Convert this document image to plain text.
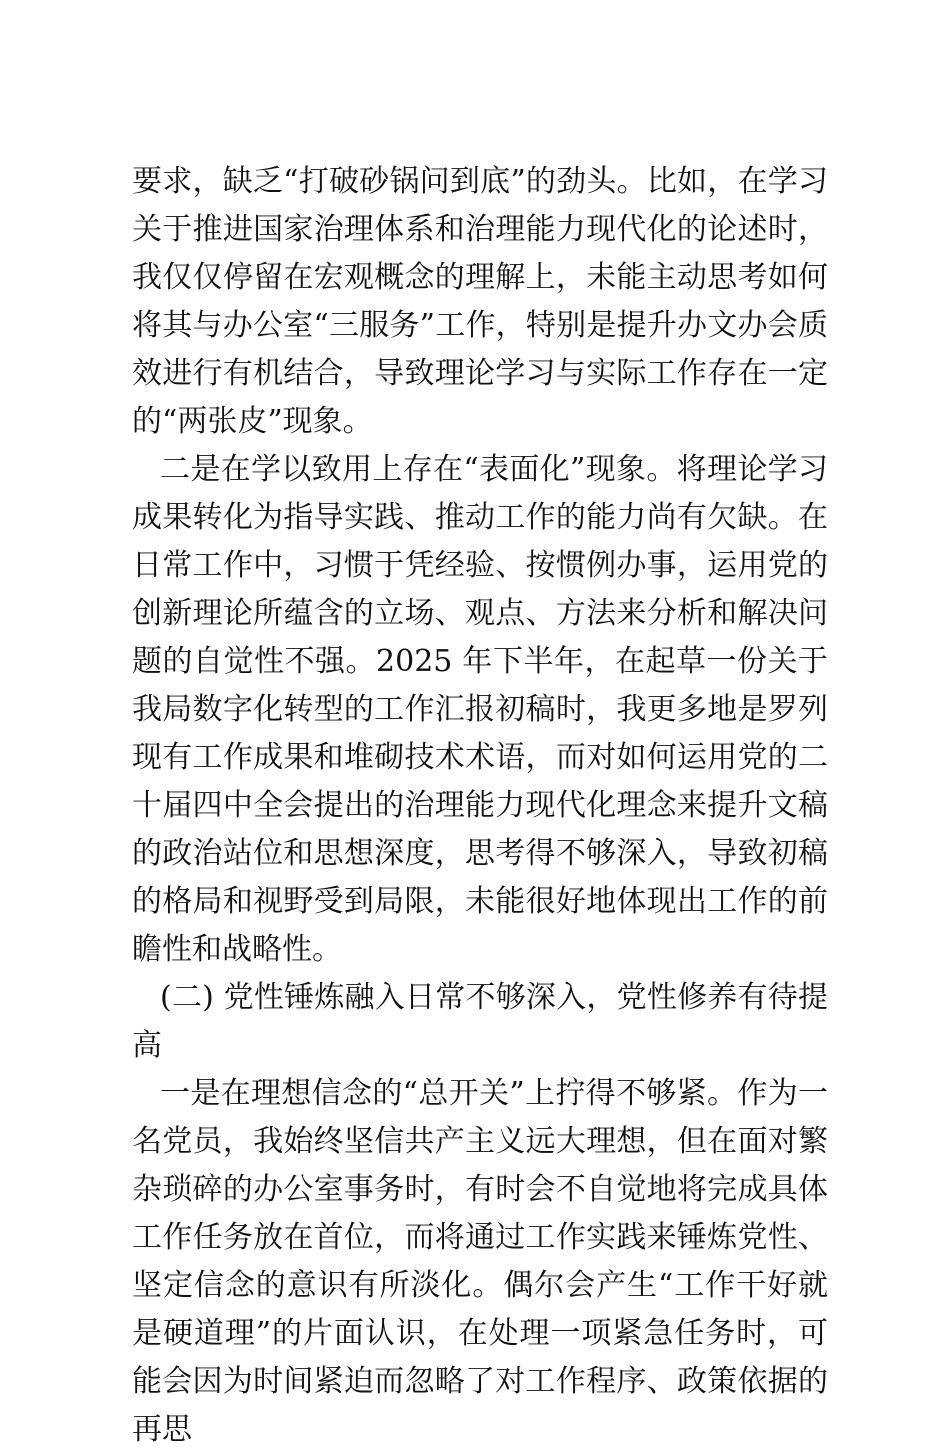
要求，缺乏“打破砂锅问到底”的劲头。比如，在学习关于推进国家治理体系和治理能力现代化的论述时，我仅仅停留在宏观概念的理解上，未能主动思考如何将其与办公室“三服务”工作，特别是提升办文办会质效进行有机结合，导致理论学习与实际工作存在一定的“两张皮”现象。

二是在学以致用上存在“表面化”现象。将理论学习成果转化为指导实践、推动工作的能力尚有欠缺。在日常工作中，习惯于凭经验、按惯例办事，运用党的创新理论所蕴含的立场、观点、方法来分析和解决问题的自觉性不强。2025 年下半年，在起草一份关于我局数字化转型的工作汇报初稿时，我更多地是罗列现有工作成果和堆砌技术术语，而对如何运用党的二十届四中全会提出的治理能力现代化理念来提升文稿的政治站位和思想深度，思考得不够深入，导致初稿的格局和视野受到局限，未能很好地体现出工作的前瞻性和战略性。

(二) 党性锤炼融入日常不够深入，党性修养有待提高

一是在理想信念的“总开关”上拧得不够紧。作为一名党员，我始终坚信共产主义远大理想，但在面对繁杂琐碎的办公室事务时，有时会不自觉地将完成具体工作任务放在首位，而将通过工作实践来锤炼党性、坚定信念的意识有所淡化。偶尔会产生“工作干好就是硬道理”的片面认识，在处理一项紧急任务时，可能会因为时间紧迫而忽略了对工作程序、政策依据的再思
